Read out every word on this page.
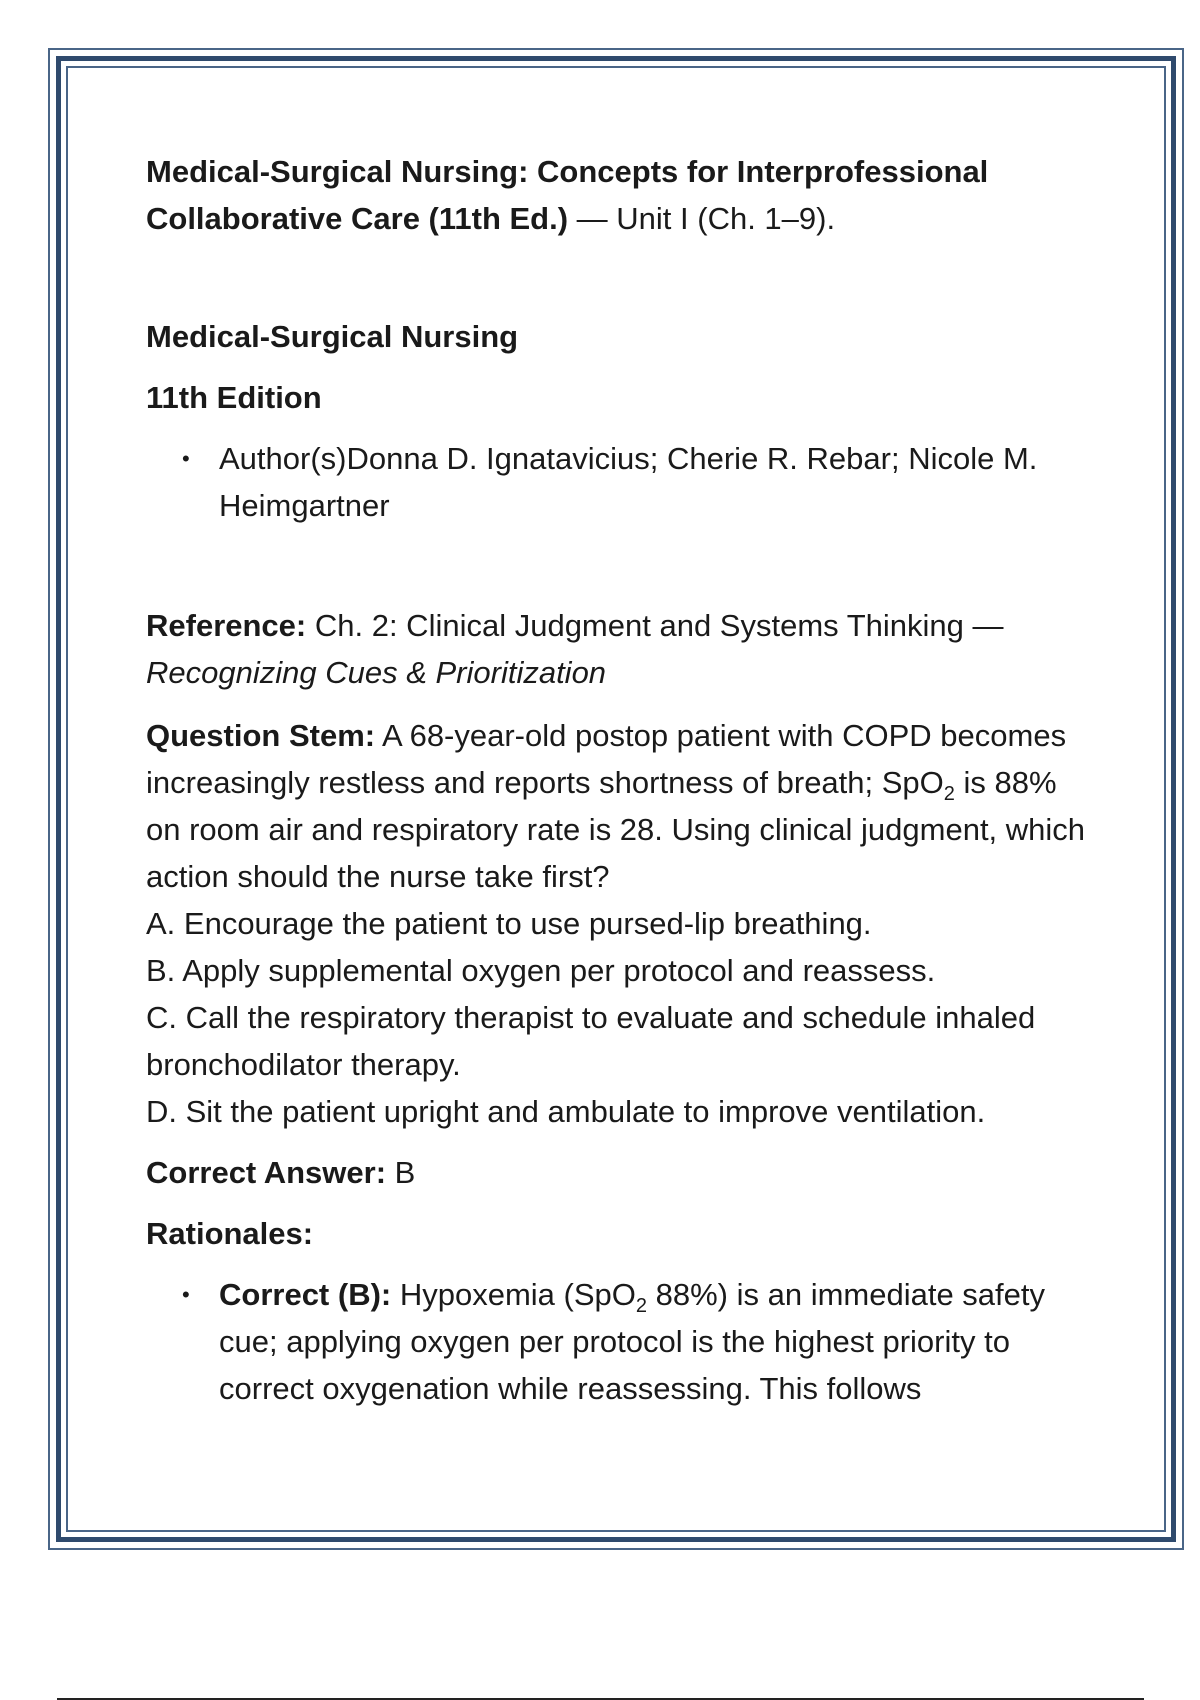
Medical-Surgical Nursing: Concepts for Interprofessional Collaborative Care (11th Ed.) — Unit I (Ch. 1–9).

Medical-Surgical Nursing

11th Edition

• Author(s)Donna D. Ignatavicius; Cherie R. Rebar; Nicole M. Heimgartner

Reference: Ch. 2: Clinical Judgment and Systems Thinking — Recognizing Cues & Prioritization

Question Stem: A 68-year-old postop patient with COPD becomes increasingly restless and reports shortness of breath; SpO$_2$ is 88% on room air and respiratory rate is 28. Using clinical judgment, which action should the nurse take first?

A. Encourage the patient to use pursed-lip breathing.

B. Apply supplemental oxygen per protocol and reassess.

C. Call the respiratory therapist to evaluate and schedule inhaled bronchodilator therapy.

D. Sit the patient upright and ambulate to improve ventilation.

Correct Answer: B

Rationales:

• Correct (B): Hypoxemia (SpO$_2$ 88%) is an immediate safety cue; applying oxygen per protocol is the highest priority to correct oxygenation while reassessing. This follows
